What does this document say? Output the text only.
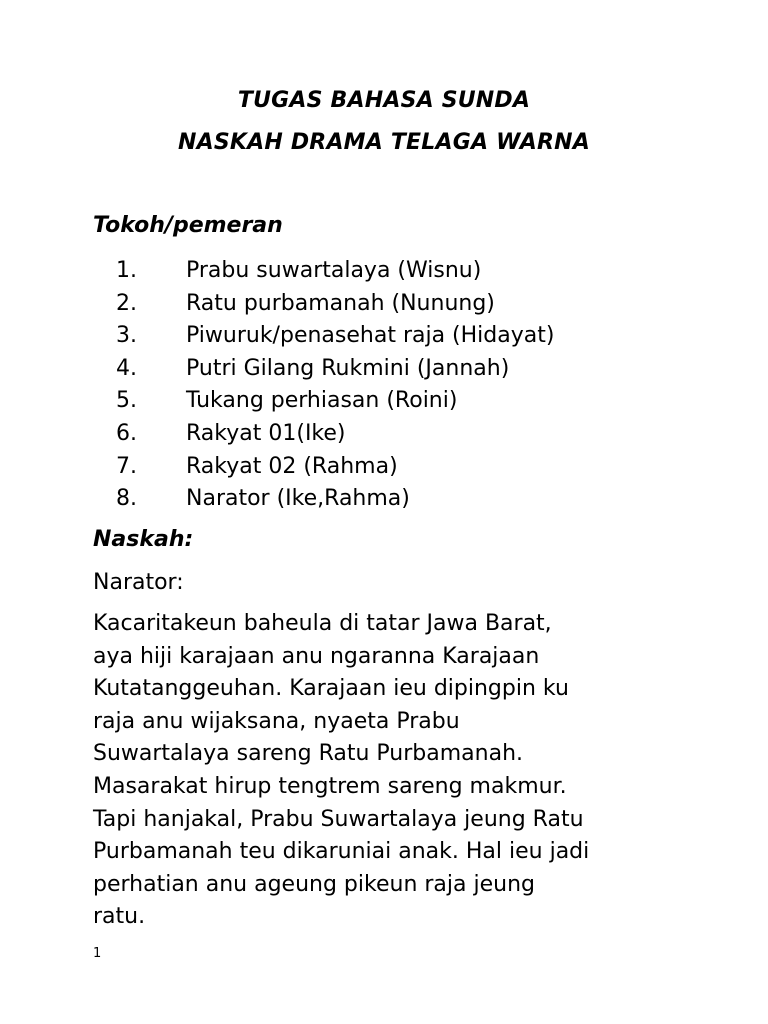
TUGAS BAHASA SUNDA
NASKAH DRAMA TELAGA WARNA
Tokoh/pemeran
1. Prabu suwartalaya (Wisnu)
2. Ratu purbamanah (Nunung)
3. Piwuruk/penasehat raja (Hidayat)
4. Putri Gilang Rukmini (Jannah)
5. Tukang perhiasan (Roini)
6. Rakyat 01(Ike)
7. Rakyat 02 (Rahma)
8. Narator (Ike,Rahma)
Naskah:
Narator:

Kacaritakeun baheula di tatar Jawa Barat,
aya hiji karajaan anu ngaranna Karajaan
Kutatanggeuhan. Karajaan ieu dipingpin ku
raja anu wijaksana, nyaeta Prabu
Suwartalaya sareng Ratu Purbamanah.
Masarakat hirup tengtrem sareng makmur.
Tapi hanjakal, Prabu Suwartalaya jeung Ratu
Purbamanah teu dikaruniai anak. Hal ieu jadi
perhatian anu ageung pikeun raja jeung
ratu.

1
